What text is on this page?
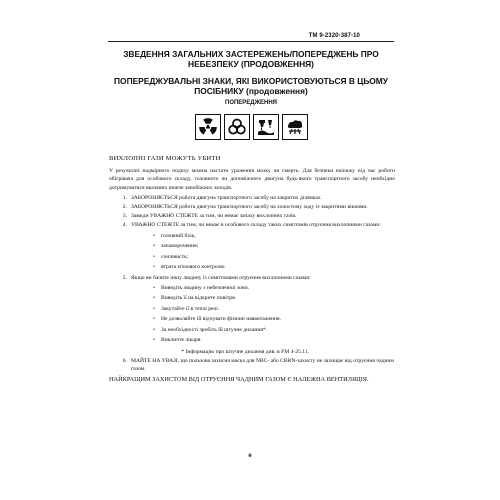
ТМ 9-2320-387-10
ЗВЕДЕННЯ ЗАГАЛЬНИХ ЗАСТЕРЕЖЕНЬ/ПОПЕРЕДЖЕНЬ ПРО НЕБЕЗПЕКУ (ПРОДОВЖЕННЯ)
ПОПЕРЕДЖУВАЛЬНІ ЗНАКИ, ЯКІ ВИКОРИСТОВУЮТЬСЯ В ЦЬОМУ ПОСІБНИКУ (продовження)
ПОПЕРЕДЖЕННЯ
ВИХЛОПНІ ГАЗИ МОЖУТЬ УБИТИ
У результаті надмірного подиху можна настати ураження мозку чи смерть. Для безпеки екіпажу під час роботи обігрівача для особового складу, головного чи допоміжного двигуна будь-якого транспортного засобу необхідно дотримуватися вказаних нижче запобіжних заходів.
1. ЗАБОРОНЯЄТЬСЯ робота двигуна транспортного засобу на закритих ділянках.
2. ЗАБОРОНЯЄТЬСЯ робота двигуна транспортного засобу на холостому ходу із закритими вікнами.
3. Завжди УВАЖНО СТЕЖТЕ за тим, чи немає запаху вихлопних газів.
4. УВАЖНО СТЕЖТЕ за тим, чи немає в особового складу таких симптомів отруєння вихлопними газами:
•	головний біль;
•	запаморочення;
•	сонливість;
•	втрата м'язового контролю
5. Якщо ви бачите іншу людину із симптомами отруєння вихлопними газами:
•	Виведіть людину з небезпечної зони.
•	Виведіть її на відкрите повітря.
•	Закутайте її в теплі речі.
•	Не дозволяйте їй відчувати фізичні навантаження.
•	За необхідності зробіть їй штучне дихання*.
•	Викличте лікаря.
* Інформацію про штучне дихання див. в FM 4-25.11.
6. МАЙТЕ НА УВАЗІ, що пользова захисна маска для NBC- або CBRN-захисту не захищає від отруєння чадним газом.
НАЙКРАЩИМ ЗАХИСТОМ ВІД ОТРУЄННЯ ЧАДНИМ ГАЗОМ Є НАЛЕЖНА ВЕНТИЛЯЦІЯ.
e
